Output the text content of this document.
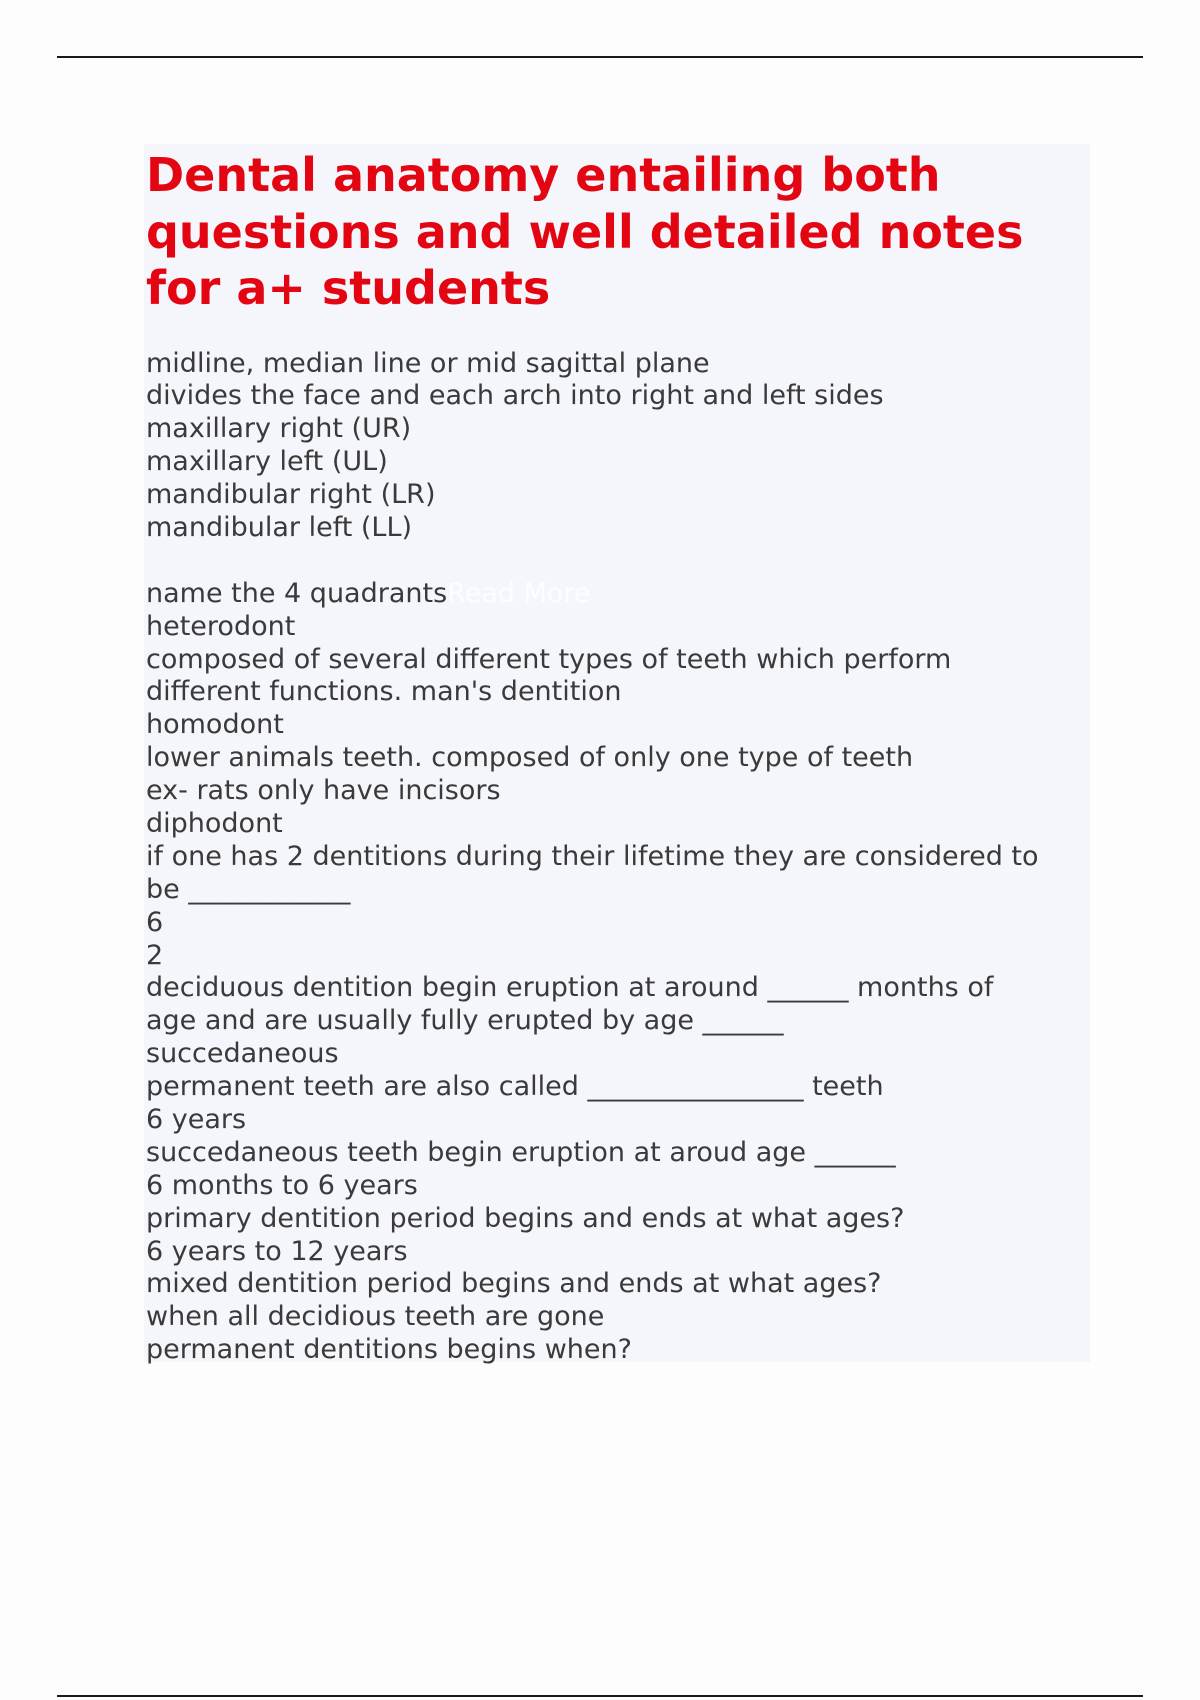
Dental anatomy entailing both questions and well detailed notes for a+ students
midline, median line or mid sagittal plane
divides the face and each arch into right and left sides
maxillary right (UR)
maxillary left (UL)
mandibular right (LR)
mandibular left (LL)
name the 4 quadrantsRead More
heterodont
composed of several different types of teeth which perform
different functions. man's dentition
homodont
lower animals teeth. composed of only one type of teeth
ex- rats only have incisors
diphodont
if one has 2 dentitions during their lifetime they are considered to
be ____________
6
2
deciduous dentition begin eruption at around ______ months of
age and are usually fully erupted by age ______
succedaneous
permanent teeth are also called ________________ teeth
6 years
succedaneous teeth begin eruption at aroud age ______
6 months to 6 years
primary dentition period begins and ends at what ages?
6 years to 12 years
mixed dentition period begins and ends at what ages?
when all decidious teeth are gone
permanent dentitions begins when?
